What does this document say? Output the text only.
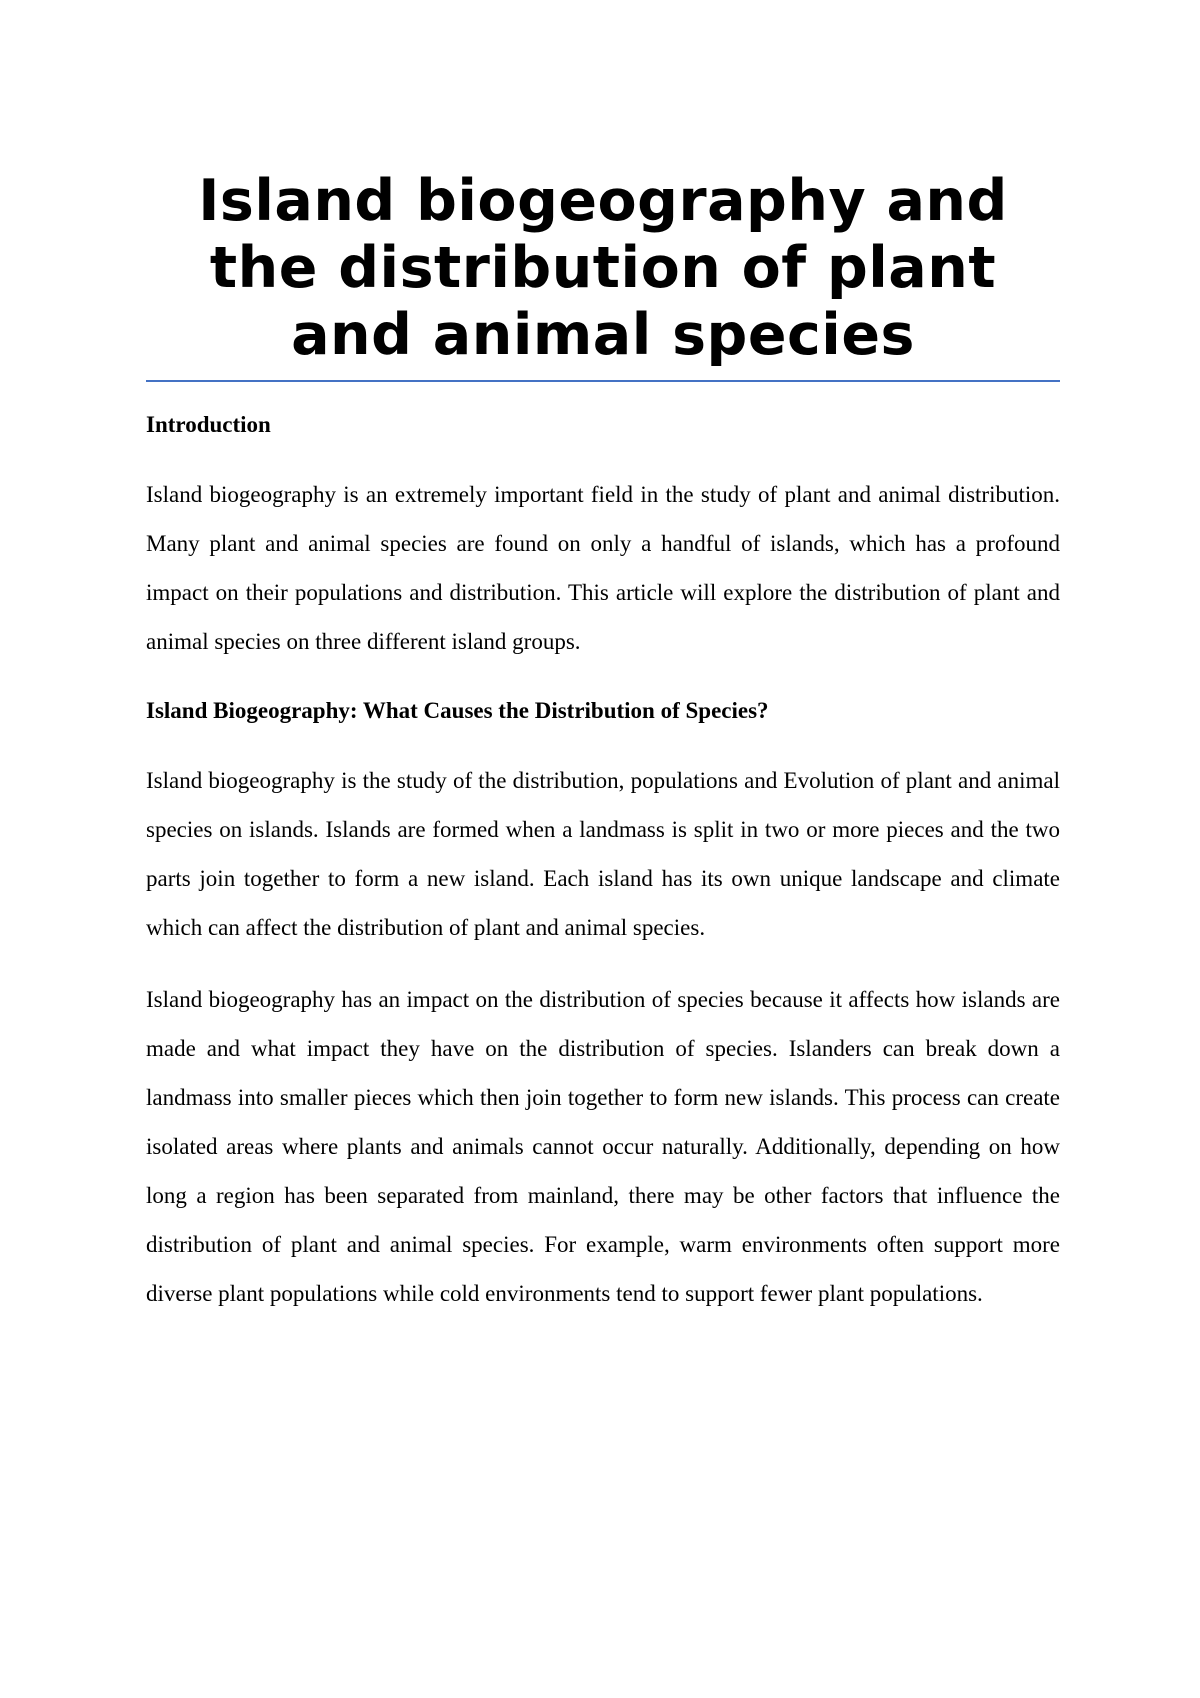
Island biogeography and the distribution of plant and animal species
Introduction

Island biogeography is an extremely important field in the study of plant and animal distribution. Many plant and animal species are found on only a handful of islands, which has a profound impact on their populations and distribution. This article will explore the distribution of plant and animal species on three different island groups.

Island Biogeography: What Causes the Distribution of Species?

Island biogeography is the study of the distribution, populations and Evolution of plant and animal species on islands. Islands are formed when a landmass is split in two or more pieces and the two parts join together to form a new island. Each island has its own unique landscape and climate which can affect the distribution of plant and animal species.

Island biogeography has an impact on the distribution of species because it affects how islands are made and what impact they have on the distribution of species. Islanders can break down a landmass into smaller pieces which then join together to form new islands. This process can create isolated areas where plants and animals cannot occur naturally. Additionally, depending on how long a region has been separated from mainland, there may be other factors that influence the distribution of plant and animal species. For example, warm environments often support more diverse plant populations while cold environments tend to support fewer plant populations.
